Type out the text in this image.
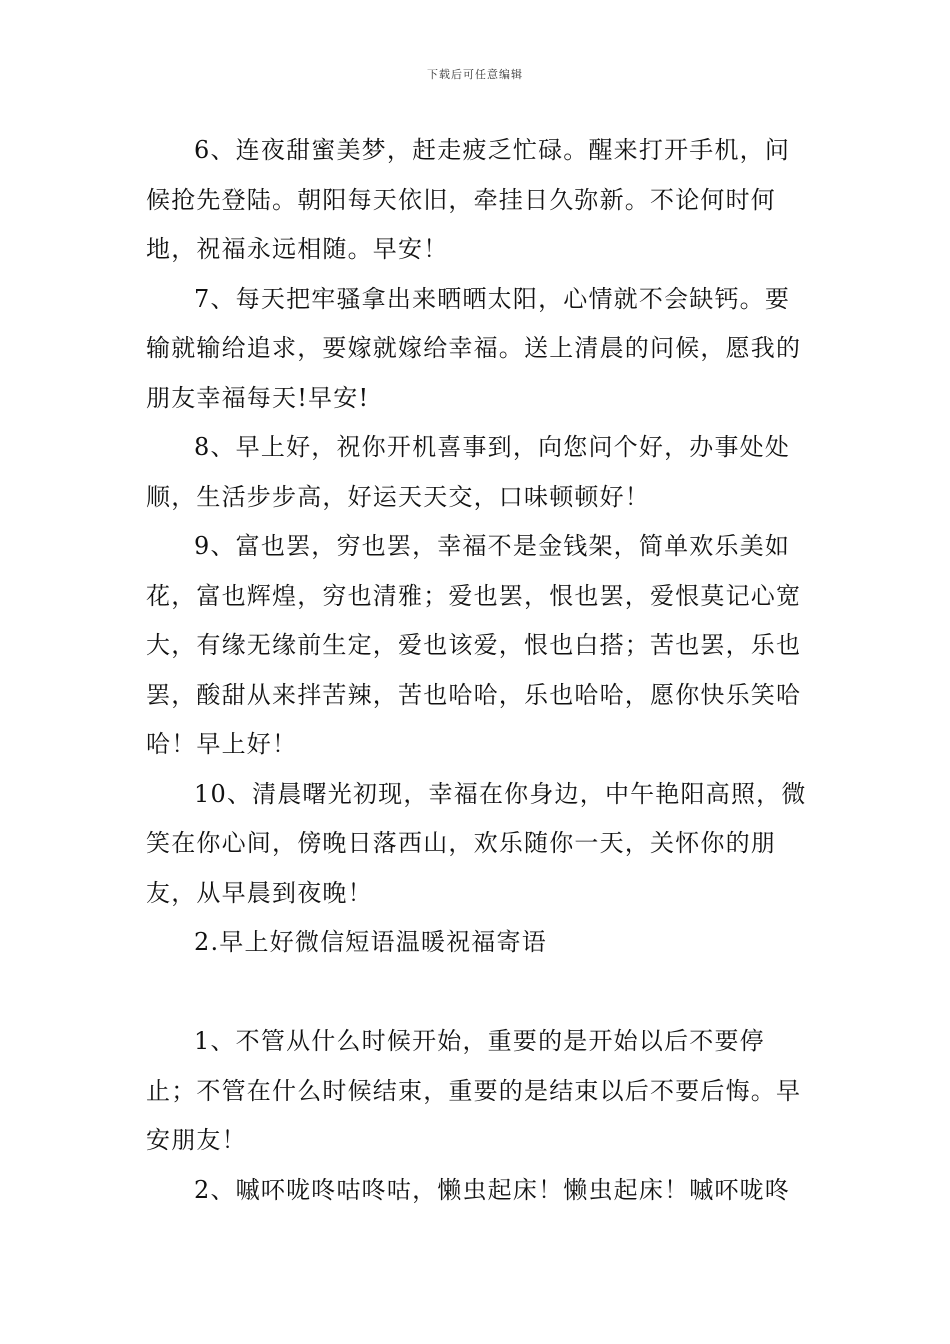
下载后可任意编辑

6、连夜甜蜜美梦，赶走疲乏忙碌。醒来打开手机，问候抢先登陆。朝阳每天依旧，牵挂日久弥新。不论何时何地，祝福永远相随。早安！

7、每天把牢骚拿出来晒晒太阳，心情就不会缺钙。要输就输给追求，要嫁就嫁给幸福。送上清晨的问候，愿我的朋友幸福每天!早安!

8、早上好，祝你开机喜事到，向您问个好，办事处处顺，生活步步高，好运天天交，口味顿顿好！

9、富也罢，穷也罢，幸福不是金钱架，简单欢乐美如花，富也辉煌，穷也清雅；爱也罢，恨也罢，爱恨莫记心宽大，有缘无缘前生定，爱也该爱，恨也白搭；苦也罢，乐也罢，酸甜从来拌苦辣，苦也哈哈，乐也哈哈，愿你快乐笑哈哈！早上好！

10、清晨曙光初现，幸福在你身边，中午艳阳高照，微笑在你心间，傍晚日落西山，欢乐随你一天，关怀你的朋友，从早晨到夜晚！

2.早上好微信短语温暖祝福寄语

1、不管从什么时候开始，重要的是开始以后不要停止；不管在什么时候结束，重要的是结束以后不要后悔。早安朋友！

2、嘁吥咙咚咕咚咕，懒虫起床！懒虫起床！嘁吥咙咚
